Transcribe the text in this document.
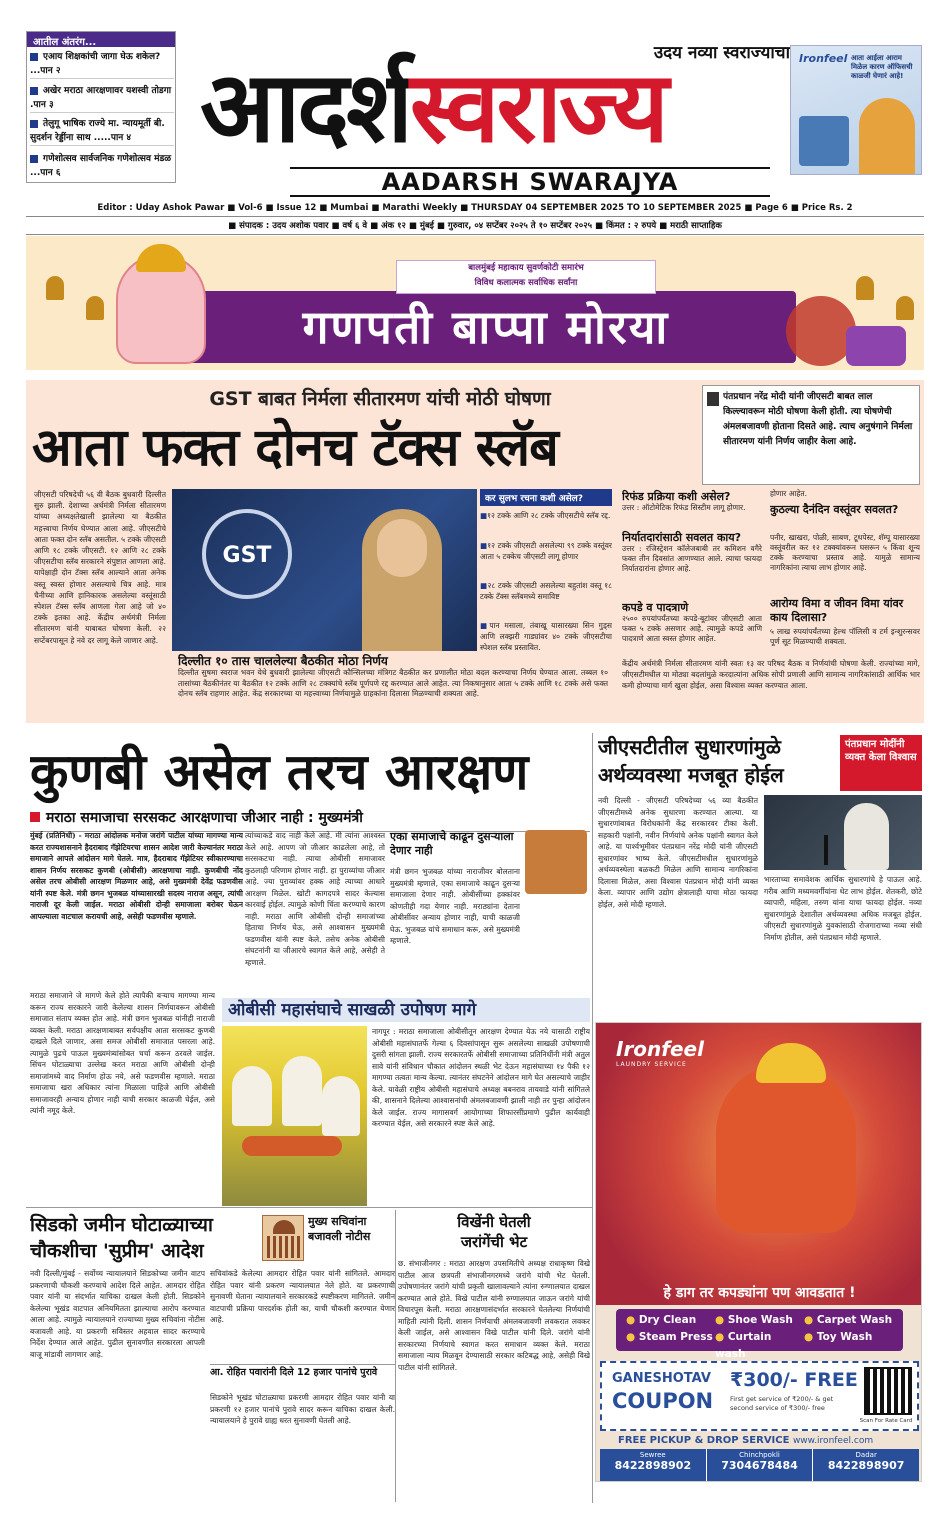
आतील अंतरंग...
एआय शिक्षकांची जागा घेऊ शकेल? ...पान २
अखेर मराठा आरक्षणावर यशस्वी तोडगा .पान ३
तेलुगू भाषिक राज्ये मा. न्यायमूर्ती बी. सुदर्शन रेड्डींना साथ .....पान ४
गणेशोत्सव सार्वजनिक गणेशोत्सव मंडळ ...पान ६
उदय नव्या स्वराज्याचा
आदर्शस्वराज्य
AADARSH SWARAJYA
Ironfeel आता आईला आराम मिळेल कारण ऑफिसची काळजी घेणारं आहे!
Editor : Uday Ashok Pawar ■ Vol-6 ■ Issue 12 ■ Mumbai ■ Marathi Weekly ■ THURSDAY 04 SEPTEMBER 2025 TO 10 SEPTEMBER 2025 ■ Page 6 ■ Price Rs. 2
■ संपादक : उदय अशोक पवार ■ वर्ष ६ वे ■ अंक १२ ■ मुंबई ■ गुरुवार, ०४ सप्टेंबर २०२५ ते १० सप्टेंबर २०२५ ■ किंमत : २ रुपये ■ मराठी साप्ताहिक
बालमुंबई महाकाय सुवर्णकोटी समारंभ
विविध कलात्मक सर्वाधिक सर्वांना
गणपती बाप्पा मोरया
GST बाबत निर्मला सीतारमण यांची मोठी घोषणा
आता फक्त दोनच टॅक्स स्लॅब
पंतप्रधान नरेंद्र मोदी यांनी जीएसटी बाबत लाल किल्ल्यावरून मोठी घोषणा केली होती. त्या घोषणेची अंमलबजावणी होताना दिसते आहे. त्याच अनुषंगाने निर्मला सीतारमण यांनी निर्णय जाहीर केला आहे.
जीएसटी परिषदेची ५६ वी बैठक बुधवारी दिल्लीत सुरु झाली. देशाच्या अर्थमंत्री निर्मला सीतारमण यांच्या अध्यक्षतेखाली झालेल्या या बैठकीत महत्त्वाचा निर्णय घेण्यात आला आहे. जीएसटीचे आता फक्त दोन स्लॅब असतील. ५ टक्के जीएसटी आणि १८ टक्के जीएसटी. १२ आणि २८ टक्के जीएसटीचा स्लॅब सरकारने संपुष्टात आणला आहे. यापेक्षाही दोन टॅक्स स्लॅब आल्याने आता अनेक वस्तू स्वस्त होणार असल्याचे चित्र आहे. मात्र चैनीच्या आणि हानिकारक असलेल्या वस्तूंसाठी स्पेशल टॅक्स स्लॅब आणला गेला आहे जो ४० टक्के इतका आहे. केंद्रीय अर्थमंत्री निर्मला सीतारमण यांनी याबाबत घोषणा केली. २२ सप्टेंबरपासून हे नवे दर लागू केले जाणार आहे.
GST
दिल्लीत १० तास चाललेल्या बैठकीत मोठा निर्णय
दिल्लीत सुषमा स्वराज भवन येथे बुधवारी झालेल्या जीएसटी कौन्सिलच्या मंत्रिगट बैठकीत कर प्रणालीत मोठा बदल करण्याचा निर्णय घेण्यात आला. तब्बल १० तासांच्या बैठकीनंतर या बैठकीत १२ टक्के आणि २८ टक्क्यांचे स्लॅब पूर्णपणे रद्द करण्यात आले आहेत. त्या निकषानुसार आता ५ टक्के आणि १८ टक्के असे फक्त दोनच स्लॅब राहणार आहेत. केंद्र सरकारच्या या महत्त्वाच्या निर्णयामुळे ग्राहकांना दिलासा मिळण्याची शक्यता आहे.
कर सुलभ रचना कशी असेल?
■१२ टक्के आणि २८ टक्के जीएसटीचे स्लॅब रद्द.
■१२ टक्के जीएसटी असलेल्या ९९ टक्के वस्तूंवर आता ५ टक्केच जीएसटी लागू होणार
■२८ टक्के जीएसटी असलेल्या बहुतांश वस्तू १८ टक्के टॅक्स स्लॅबमध्ये समाविष्ट
■पान मसाला, तंबाखू यासारख्या सिन गुड्स आणि लक्झरी गाड्यांवर ४० टक्के जीएसटीचा स्पेशल स्लॅब प्रस्तावित.
रिफंड प्रक्रिया कशी असेल?
उत्तर : ऑटोमेटिक रिफंड सिस्टीम लागू होणार.
निर्यातदारांसाठी सवलत काय?
उत्तर : रजिस्ट्रेशन कॉलेजबाबी तर कमिशन वगैरे फक्त तीन दिवसांत आणण्यात आले. त्याचा फायदा निर्यातदारांना होणार आहे.
कपडे व पादत्राणे
२५०० रुपयांपर्यंतच्या कपडे-बूटांवर जीएसटी आता फक्त ५ टक्के असणार आहे. त्यामुळे कपडे आणि पादत्राणे आता स्वस्त होणार आहेत.
होणार आहेत.
कुठल्या दैनंदिन वस्तूंवर सवलत?
पनीर, खाखरा, पोळी, साबण, टूथपेस्ट, शॅम्पू यासारख्या वस्तूंवरील कर १२ टक्क्यांवरून घसरून ५ किंवा शून्य टक्के करण्याचा प्रस्ताव आहे. यामुळे सामान्य नागरिकांना त्याचा लाभ होणार आहे.
आरोग्य विमा व जीवन विमा यांवर काय दिलासा?
५ लाख रुपयांपर्यंतच्या हेल्थ पॉलिसी व टर्म इन्शुरन्सवर पूर्ण सूट मिळण्याची शक्यता.
केंद्रीय अर्थमंत्री निर्मला सीतारमण यांनी स्वतः १३ वर परिषद बैठक व निर्णयांची घोषणा केली. राज्यांच्या मागे, जीएसटीमधील या मोठ्या बदलांमुळे करदात्यांना अधिक सोपी प्रणाली आणि सामान्य नागरिकांसाठी आर्थिक भार कमी होण्याचा मार्ग खुला होईल, असा विश्वास व्यक्त करण्यात आला.
कुणबी असेल तरच आरक्षण
मराठा समाजाचा सरसकट आरक्षणाचा जीआर नाही : मुख्यमंत्री
मुंबई (प्रतिनिधी) - मराठा आंदोलक मनोज जरांगे पाटील यांच्या मागण्या मान्य करत राज्यशासनाने हैदराबाद गॅझेटियरचा शासन आदेश जारी केल्यानंतर मराठा समाजाने आपले आंदोलन मागे घेतले. मात्र, हैदराबाद गॅझेटियर स्वीकारण्याचा शासन निर्णय सरसकट कुणबी (ओबीसी) आरक्षणाचा नाही. कुणबीची नोंद असेल तरच ओबीसी आरक्षण मिळणार आहे, असे मुख्यमंत्री देवेंद्र फडणवीस यांनी स्पष्ट केले. मंत्री छगन भुजबळ यांच्यासारखी सदस्य नाराज असून, त्यांची नाराजी दूर केली जाईल. मराठा ओबीसी दोन्ही समाजाला बरोबर घेऊन आपल्याला वाटचाल करायची आहे, असेही फडणवीस म्हणाले.
त्यांच्याकडे वाद नाही केले आहे. मी त्यांना आश्वस्त केले आहे. आपण जो जीआर काढलेला आहे, तो सरसकटचा नाही. त्याचा ओबीसी समाजावर कुठलाही परिणाम होणार नाही. हा पुराव्यांचा जीआर आहे. ज्या पुराव्यांवर हक्क आहे त्याच्या आधारे आरक्षण मिळेल. खोटी कागदपत्रे सादर केल्यास कारवाई होईल. त्यामुळे कोणी चिंता करण्याचे कारण नाही. मराठा आणि ओबीसी दोन्ही समाजांच्या हिताचा निर्णय घेऊ, असे आश्वासन मुख्यमंत्री फडणवीस यांनी स्पष्ट केले. तसेच अनेक ओबीसी संघटनांनी या जीआरचे स्वागत केले आहे, असेही ते म्हणाले.
एका समाजाचे काढून दुसऱ्याला देणार नाही
मंत्री छगन भुजबळ यांच्या नाराजीवर बोलताना मुख्यमंत्री म्हणाले, एका समाजाचे काढून दुसऱ्या समाजाला देणार नाही. ओबीसींच्या हक्कांवर कोणतीही गदा येणार नाही. मराठ्यांना देताना ओबीसींवर अन्याय होणार नाही, याची काळजी घेऊ. भुजबळ यांचे समाधान करू, असे मुख्यमंत्री म्हणाले.
मराठा समाजाने जे मागणे केले होते त्यापैकी बऱ्याच मागण्या मान्य करून राज्य सरकारने जारी केलेल्या शासन निर्णयावरून ओबीसी समाजात संताप व्यक्त होत आहे. मंत्री छगन भुजबळ यांनीही नाराजी व्यक्त केली. मराठा आरक्षणाबाबत सर्वपक्षीय आता सरसकट कुणबी दाखले दिले जाणार, असा समज ओबीसी समाजात पसरला आहे. त्यामुळे पुढचे पाऊल मुख्यमंत्र्यांसोबत चर्चा करून ठरवले जाईल. सिंचन घोटाळ्याचा उल्लेख करत मराठा आणि ओबीसी दोन्ही समाजांमध्ये वाद निर्माण होऊ नये, असे फडणवीस म्हणाले. मराठा समाजाचा खरा अधिकार त्यांना मिळाला पाहिजे आणि ओबीसी समाजावरही अन्याय होणार नाही याची सरकार काळजी घेईल, असे त्यांनी नमूद केले.
ओबीसी महासंघाचे साखळी उपोषण मागे
नागपूर : मराठा समाजाला ओबीसीतून आरक्षण देण्यात येऊ नये यासाठी राष्ट्रीय ओबीसी महासंघातर्फे गेल्या ६ दिवसांपासून सुरू असलेल्या साखळी उपोषणाची दुसरी सांगता झाली. राज्य सरकारतर्फे ओबीसी समाजाच्या प्रतिनिधींनी मंत्री अतुल सावे यांनी संविधान चौकात आंदोलन स्थळी भेट देऊन महासंघाच्या १४ पैकी १२ मागण्या तत्वतः मान्य केल्या. त्यानंतर संघटनेने आंदोलन मागे घेत असल्याचे जाहीर केले. यावेळी राष्ट्रीय ओबीसी महासंघाचे अध्यक्ष बबनराव तायवाडे यांनी सांगितले की, शासनाने दिलेल्या आश्वासनांची अंमलबजावणी झाली नाही तर पुन्हा आंदोलन केले जाईल. राज्य मागासवर्ग आयोगाच्या शिफारसींप्रमाणे पुढील कार्यवाही करण्यात येईल, असे सरकारने स्पष्ट केले आहे.
जीएसटीतील सुधारणांमुळे
अर्थव्यवस्था मजबूत होईल
पंतप्रधान मोदींनी व्यक्त केला विश्वास
नवी दिल्ली - जीएसटी परिषदेच्या ५६ व्या बैठकीत जीएसटीमध्ये अनेक सुधारणा करण्यात आल्या. या सुधारणांबाबत विरोधकांनी केंद्र सरकारवर टीका केली. सहकारी पक्षांनी, नवीन निर्णयांचे अनेक पक्षांनी स्वागत केले आहे. या पार्श्वभूमीवर पंतप्रधान नरेंद्र मोदी यांनी जीएसटी सुधारणांवर भाष्य केले. जीएसटीमधील सुधारणांमुळे अर्थव्यवस्थेला बळकटी मिळेल आणि सामान्य नागरिकांना दिलासा मिळेल, असा विश्वास पंतप्रधान मोदी यांनी व्यक्त केला. व्यापार आणि उद्योग क्षेत्रालाही याचा मोठा फायदा होईल, असे मोदी म्हणाले.
भारताच्या समावेशक आर्थिक सुधारणांचे हे पाऊल आहे. गरीब आणि मध्यमवर्गीयांना थेट लाभ होईल. शेतकरी, छोटे व्यापारी, महिला, तरुण यांना याचा फायदा होईल. नव्या सुधारणांमुळे देशातील अर्थव्यवस्था अधिक मजबूत होईल. जीएसटी सुधारणांमुळे युवकांसाठी रोजगाराच्या नव्या संधी निर्माण होतील, असे पंतप्रधान मोदी म्हणाले.
Ironfeel
LAUNDRY SERVICE
हे डाग तर कपड्यांना पण आवडतात !
● Dry Clean	● Shoe Wash	● Carpet Wash
● Steam Press ● Curtain wash
● Toy Wash
GANESHOTAV
COUPON
₹300/- FREE
First get service of ₹200/- & get second service of ₹300/- free
Scan For Rate Card
FREE PICKUP & DROP SERVICE www.ironfeel.com
Sewree
8422898902
Chinchpokli
7304678484
Dadar
8422898907
सिडको जमीन घोटाळ्याच्या
चौकशीचा 'सुप्रीम' आदेश
मुख्य सचिवांना बजावली नोटीस
नवी दिल्ली/मुंबई - सर्वोच्च न्यायालयाने सिडकोच्या जमीन वाटप प्रकरणाची चौकशी करण्याचे आदेश दिले आहेत. आमदार रोहित पवार यांनी या संदर्भात याचिका दाखल केली होती. सिडकोने केलेल्या भूखंड वाटपात अनियमितता झाल्याचा आरोप करण्यात आला आहे. त्यामुळे न्यायालयाने राज्याच्या मुख्य सचिवांना नोटीस बजावली आहे. या प्रकरणी सविस्तर अहवाल सादर करण्याचे निर्देश देण्यात आले आहेत. पुढील सुनावणीत सरकारला आपली बाजू मांडावी लागणार आहे.
सचिवांकडे केलेल्या आमदार रोहित पवार यांनी सांगितले. आमदार रोहित पवार यांनी प्रकरण न्यायालयात नेले होते. या प्रकरणाची सुनावणी घेताना न्यायालयाने सरकारकडे स्पष्टीकरण मागितले. जमीन वाटपाची प्रक्रिया पारदर्शक होती का, याची चौकशी करण्यात येणार आहे.
आ. रोहित पवारांनी दिले 12 हजार पानांचे पुरावे
सिडकोने भूखंड घोटाळ्याचा प्रकरणी आमदार रोहित पवार यांनी या प्रकरणी १२ हजार पानांचे पुरावे सादर करून याचिका दाखल केली. न्यायालयाने हे पुरावे ग्राह्य धरत सुनावणी घेतली आहे.
विखेंनी घेतली
जरांगेंची भेट
छ. संभाजीनगर : मराठा आरक्षण उपसमितीचे अध्यक्ष राधाकृष्ण विखे पाटील आज छत्रपती संभाजीनगरमध्ये जरांगे यांची भेट घेतली. उपोषणानंतर जरांगे यांची प्रकृती खालावल्याने त्यांना रुग्णालयात दाखल करण्यात आले होते. विखे पाटील यांनी रुग्णालयात जाऊन जरांगे यांची विचारपूस केली. मराठा आरक्षणासंदर्भात सरकारने घेतलेल्या निर्णयांची माहिती त्यांनी दिली. शासन निर्णयाची अंमलबजावणी लवकरात लवकर केली जाईल, असे आश्वासन विखे पाटील यांनी दिले. जरांगे यांनी सरकारच्या निर्णयाचे स्वागत करत समाधान व्यक्त केले. मराठा समाजाला न्याय मिळवून देण्यासाठी सरकार कटिबद्ध आहे, असेही विखे पाटील यांनी सांगितले.
